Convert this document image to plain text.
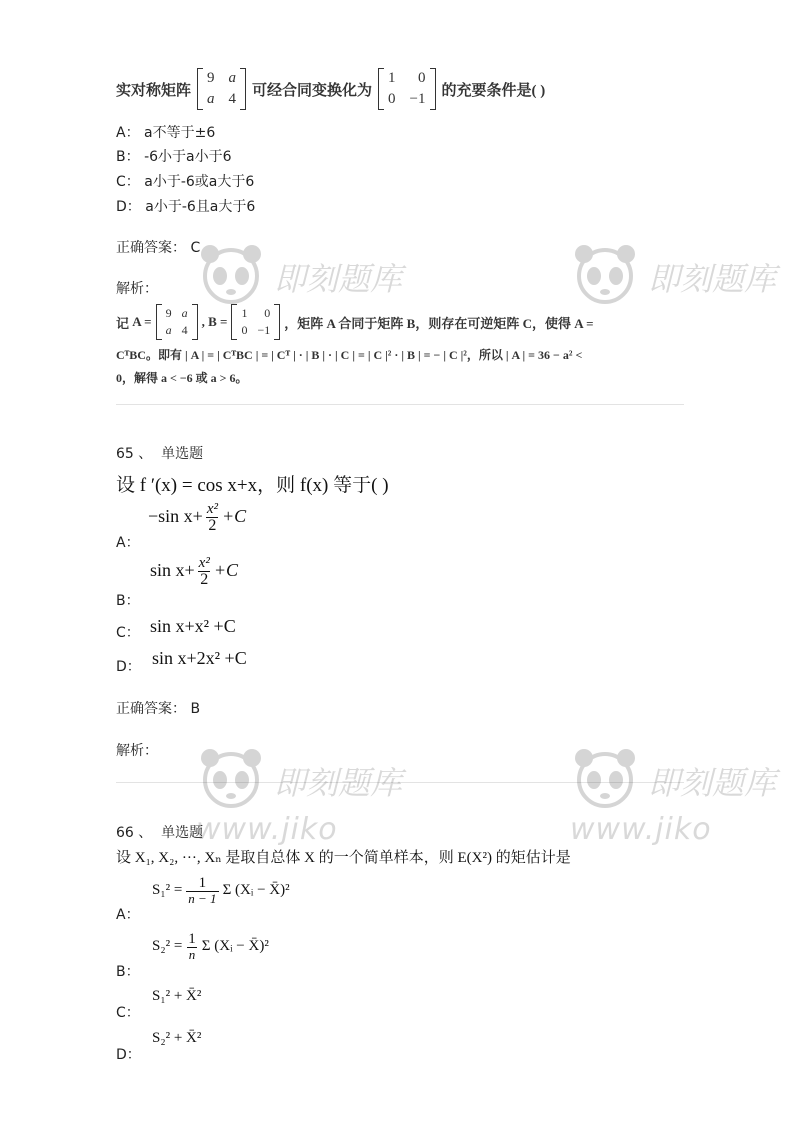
实对称矩阵
9 a
a 4
可经合同变换化为
1	0
0 −1
的充要条件是( )
A： a不等于±6
B： -6小于a小于6
C： a小于-6或a大于6
D： a小于-6且a大于6
正确答案： C
解析：
记 A =
9 a
a 4
, B =
1	0
0 −1 ，矩阵 A 合同于矩阵 B，则存在可逆矩阵 C，使得 A =
CᵀBC。即有 | A | = | CᵀBC | = | Cᵀ | · | B | · | C | = | C |² · | B | = − | C |²，所以 | A | = 36 − a² <
0，解得 a < −6 或 a > 6。
65 、 单选题
设 f ′(x) = cos x+x，则 f(x) 等于( )
A：
−sin $x+ \frac{\text{x²}}{2} +C$
B：
$\sin x+ \frac{\text{x²}}{2} +C$
C： sin x+x² +C
D： sin x+2x² +C
正确答案： B
解析：
66 、 单选题
设 X₁, X₂, ···, Xₙ 是取自总体 X 的一个简单样本，则 E(X²) 的矩估计是
A：
$S_1^2 = \frac{1}{n - 1}$ Σ (Xᵢ − X̄)²
B：
$S_2^2 = \frac{1}{n}$ Σ (Xᵢ − X̄)²
C：
S₁² + X̄²
D：
S₂² + X̄²
即刻题库	即刻题库
即刻题库
www.jiko
即刻题库
www.jiko
